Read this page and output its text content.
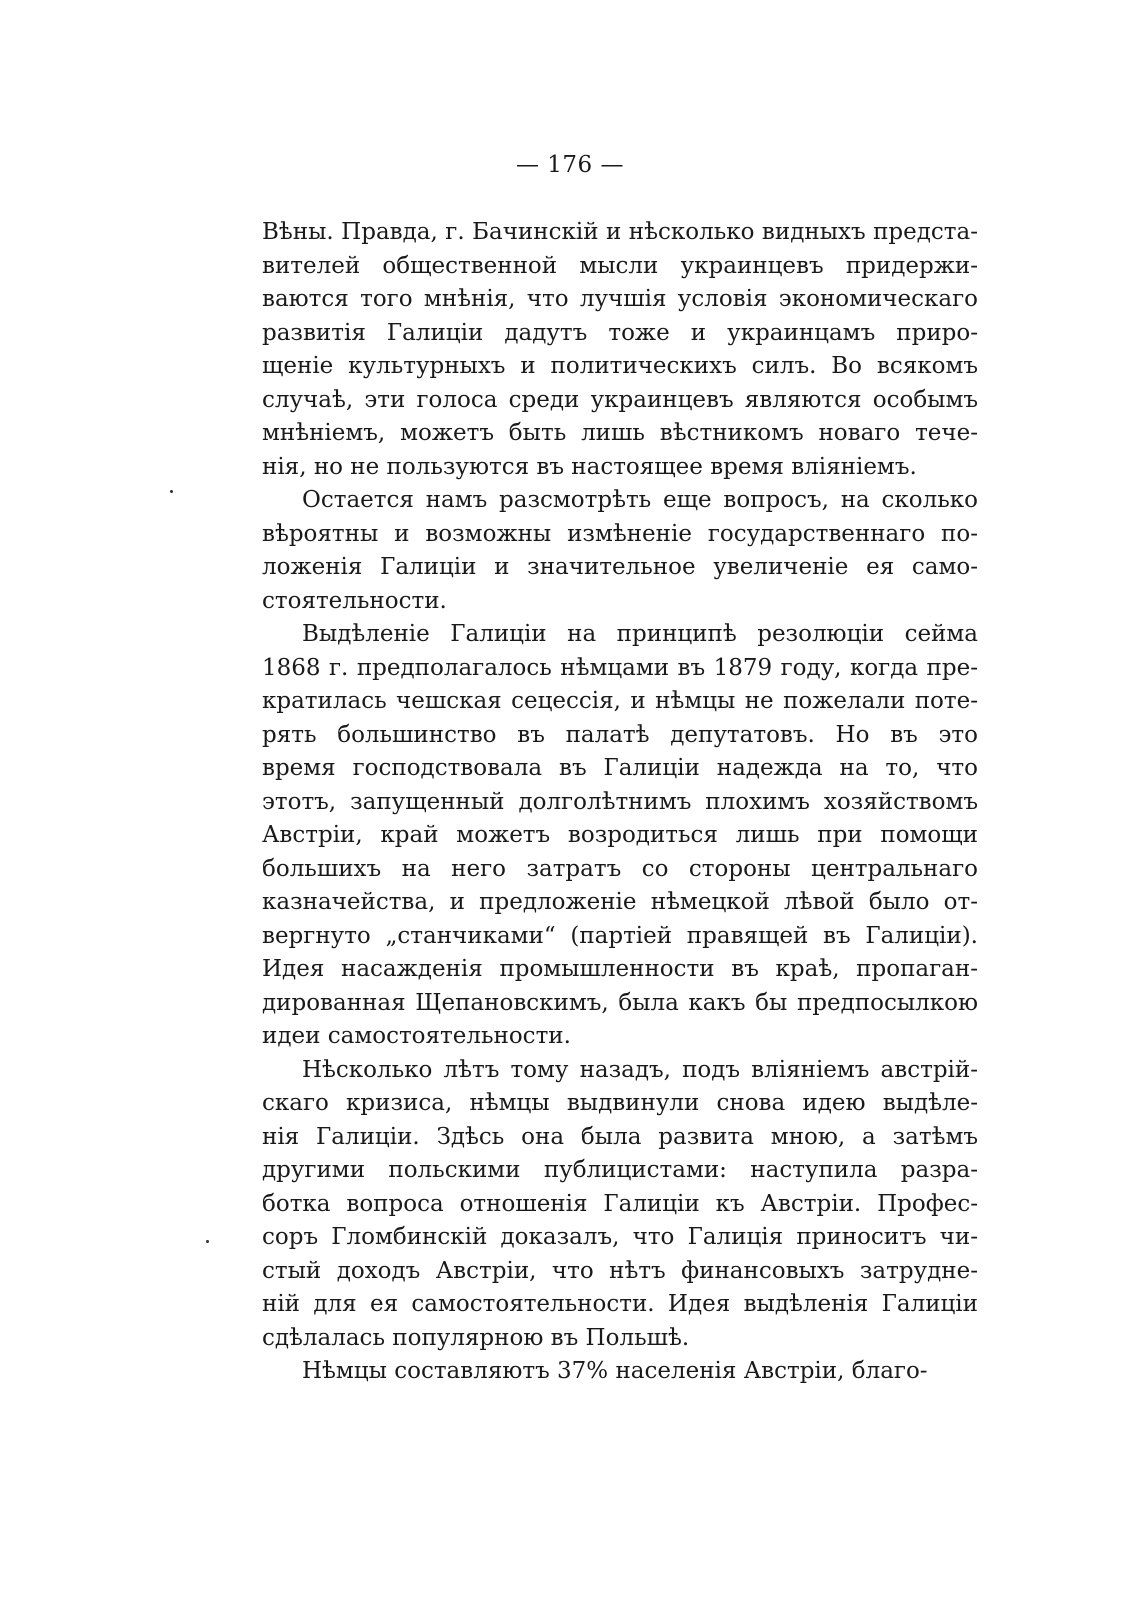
— 176 —
Вѣны. Правда, г. Бачинскій и нѣсколько видныхъ предста-
вителей общественной мысли украинцевъ придержи-
ваются того мнѣнія, что лучшія условія экономическаго
развитія Галиціи дадутъ тоже и украинцамъ приро-
щеніе культурныхъ и политическихъ силъ. Во всякомъ
случаѣ, эти голоса среди украинцевъ являются особымъ
мнѣніемъ, можетъ быть лишь вѣстникомъ новаго тече-
нія, но не пользуются въ настоящее время вліяніемъ.
Остается намъ разсмотрѣть еще вопросъ, на сколько
вѣроятны и возможны измѣненіе государственнаго по-
ложенія Галиціи и значительное увеличеніе ея само-
стоятельности.
Выдѣленіе Галиціи на принципѣ резолюціи сейма
1868 г. предполагалось нѣмцами въ 1879 году, когда пре-
кратилась чешская сецессія, и нѣмцы не пожелали поте-
рять большинство въ палатѣ депутатовъ. Но въ это
время господствовала въ Галиціи надежда на то, что
этотъ, запущенный долголѣтнимъ плохимъ хозяйствомъ
Австріи, край можетъ возродиться лишь при помощи
большихъ на него затратъ со стороны центральнаго
казначейства, и предложеніе нѣмецкой лѣвой было от-
вергнуто „станчиками“ (партіей правящей въ Галиціи).
Идея насажденія промышленности въ краѣ, пропаган-
дированная Щепановскимъ, была какъ бы предпосылкою
идеи самостоятельности.
Нѣсколько лѣтъ тому назадъ, подъ вліяніемъ австрій-
скаго кризиса, нѣмцы выдвинули снова идею выдѣле-
нія Галиціи. Здѣсь она была развита мною, а затѣмъ
другими польскими публицистами: наступила разра-
ботка вопроса отношенія Галиціи къ Австріи. Профес-
соръ Гломбинскій доказалъ, что Галиція приноситъ чи-
стый доходъ Австріи, что нѣтъ финансовыхъ затрудне-
ній для ея самостоятельности. Идея выдѣленія Галиціи
сдѣлалась популярною въ Польшѣ.
Нѣмцы составляютъ 37% населенія Австріи, благо-
